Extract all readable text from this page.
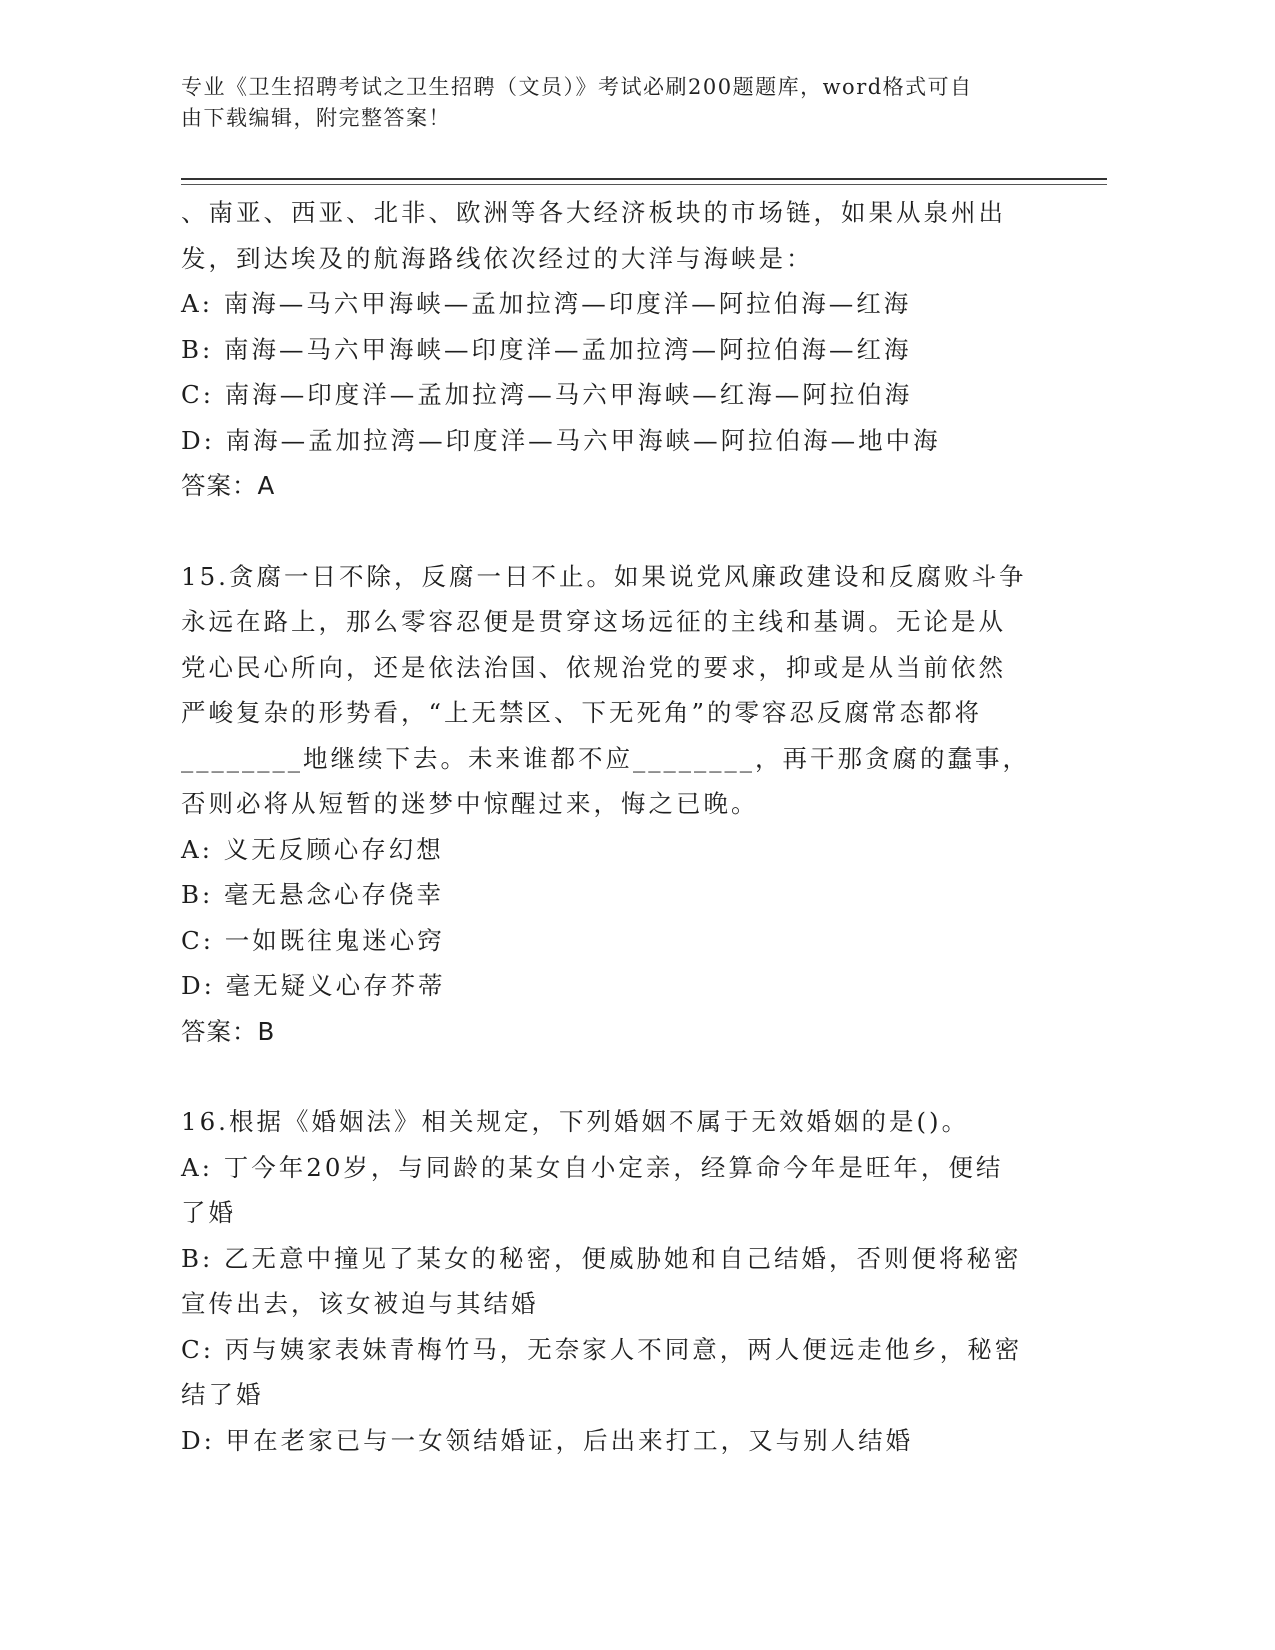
专业《卫生招聘考试之卫生招聘（文员）》考试必刷200题题库，word格式可自
由下载编辑，附完整答案！
、南亚、西亚、北非、欧洲等各大经济板块的市场链，如果从泉州出
发，到达埃及的航海路线依次经过的大洋与海峡是：
A: 南海—马六甲海峡—孟加拉湾—印度洋—阿拉伯海—红海
B: 南海—马六甲海峡—印度洋—孟加拉湾—阿拉伯海—红海
C: 南海—印度洋—孟加拉湾—马六甲海峡—红海—阿拉伯海
D: 南海—孟加拉湾—印度洋—马六甲海峡—阿拉伯海—地中海
答案：A
15.贪腐一日不除，反腐一日不止。如果说党风廉政建设和反腐败斗争
永远在路上，那么零容忍便是贯穿这场远征的主线和基调。无论是从
党心民心所向，还是依法治国、依规治党的要求，抑或是从当前依然
严峻复杂的形势看，“上无禁区、下无死角”的零容忍反腐常态都将
________地继续下去。未来谁都不应________，再干那贪腐的蠢事，
否则必将从短暂的迷梦中惊醒过来，悔之已晚。
A: 义无反顾心存幻想
B: 毫无悬念心存侥幸
C: 一如既往鬼迷心窍
D: 毫无疑义心存芥蒂
答案：B
16.根据《婚姻法》相关规定，下列婚姻不属于无效婚姻的是()。
A: 丁今年20岁，与同龄的某女自小定亲，经算命今年是旺年，便结
了婚
B: 乙无意中撞见了某女的秘密，便威胁她和自己结婚，否则便将秘密
宣传出去，该女被迫与其结婚
C: 丙与姨家表妹青梅竹马，无奈家人不同意，两人便远走他乡，秘密
结了婚
D: 甲在老家已与一女领结婚证，后出来打工，又与别人结婚
